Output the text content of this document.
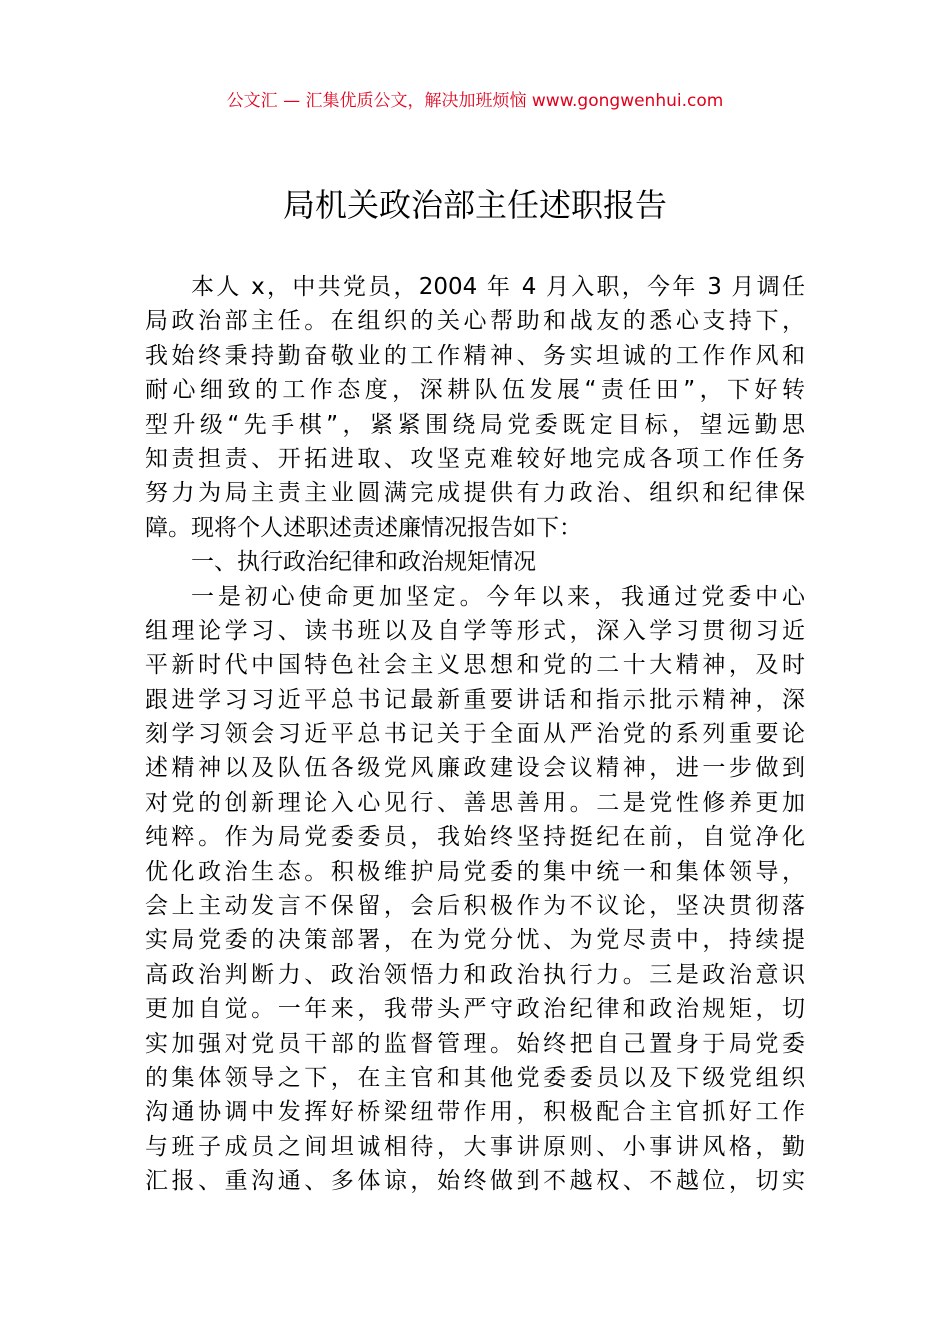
公文汇 — 汇集优质公文，解决加班烦恼 www.gongwenhui.com
局机关政治部主任述职报告
本人 x，中共党员，2004 年 4 月入职，今年 3 月调任
局政治部主任。在组织的关心帮助和战友的悉心支持下，
我始终秉持勤奋敬业的工作精神、务实坦诚的工作作风和
耐心细致的工作态度，深耕队伍发展“责任田”，下好转
型升级“先手棋”，紧紧围绕局党委既定目标，望远勤思
知责担责、开拓进取、攻坚克难较好地完成各项工作任务
努力为局主责主业圆满完成提供有力政治、组织和纪律保
障。现将个人述职述责述廉情况报告如下：
一、执行政治纪律和政治规矩情况
一是初心使命更加坚定。今年以来，我通过党委中心
组理论学习、读书班以及自学等形式，深入学习贯彻习近
平新时代中国特色社会主义思想和党的二十大精神，及时
跟进学习习近平总书记最新重要讲话和指示批示精神，深
刻学习领会习近平总书记关于全面从严治党的系列重要论
述精神以及队伍各级党风廉政建设会议精神，进一步做到
对党的创新理论入心见行、善思善用。二是党性修养更加
纯粹。作为局党委委员，我始终坚持挺纪在前，自觉净化
优化政治生态。积极维护局党委的集中统一和集体领导，
会上主动发言不保留，会后积极作为不议论，坚决贯彻落
实局党委的决策部署，在为党分忧、为党尽责中，持续提
高政治判断力、政治领悟力和政治执行力。三是政治意识
更加自觉。一年来，我带头严守政治纪律和政治规矩，切
实加强对党员干部的监督管理。始终把自己置身于局党委
的集体领导之下，在主官和其他党委委员以及下级党组织
沟通协调中发挥好桥梁纽带作用，积极配合主官抓好工作
与班子成员之间坦诚相待，大事讲原则、小事讲风格，勤
汇报、重沟通、多体谅，始终做到不越权、不越位，切实
